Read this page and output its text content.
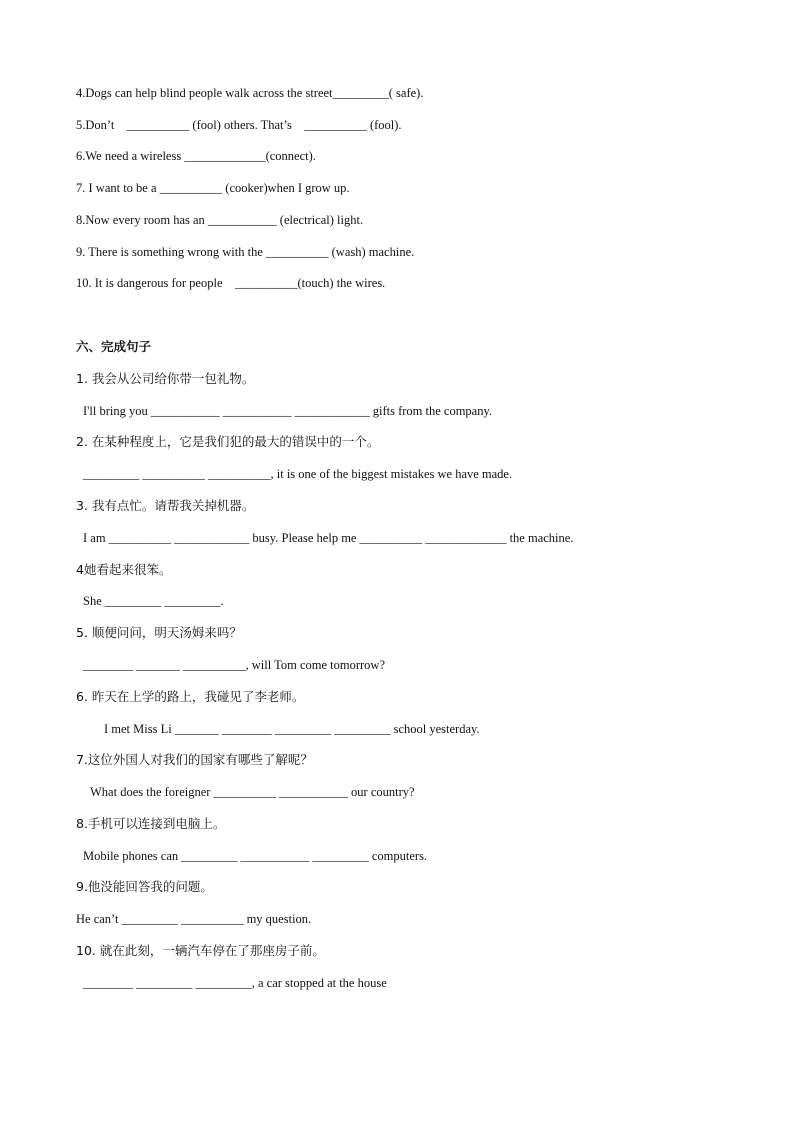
4.Dogs can help blind people walk across the street_________( safe).
5.Don’t    __________ (fool) others. That’s    __________ (fool).
6.We need a wireless _____________(connect).
7. I want to be a __________ (cooker)when I grow up.
8.Now every room has an ___________ (electrical) light.
9. There is something wrong with the __________ (wash) machine.
10. It is dangerous for people    __________(touch) the wires.
六、完成句子
1. 我会从公司给你带一包礼物。
I'll bring you ___________ ___________ ____________ gifts from the company.
2. 在某种程度上，它是我们犯的最大的错误中的一个。
_________ __________ __________, it is one of the biggest mistakes we have made.
3. 我有点忙。请帮我关掉机器。
I am __________ ____________ busy. Please help me __________ _____________ the machine.
4她看起来很笨。
She _________ _________.
5. 顺便问问，明天汤姆来吗？
________ _______ __________, will Tom come tomorrow?
6. 昨天在上学的路上，我碰见了李老师。
I met Miss Li _______ ________ _________ _________ school yesterday.
7.这位外国人对我们的国家有哪些了解呢？
What does the foreigner __________ ___________ our country?
8.手机可以连接到电脑上。
Mobile phones can _________ ___________ _________ computers.
9.他没能回答我的问题。
He can’t _________ __________ my question.
10. 就在此刻，一辆汽车停在了那座房子前。
________ _________ _________, a car stopped at the house
